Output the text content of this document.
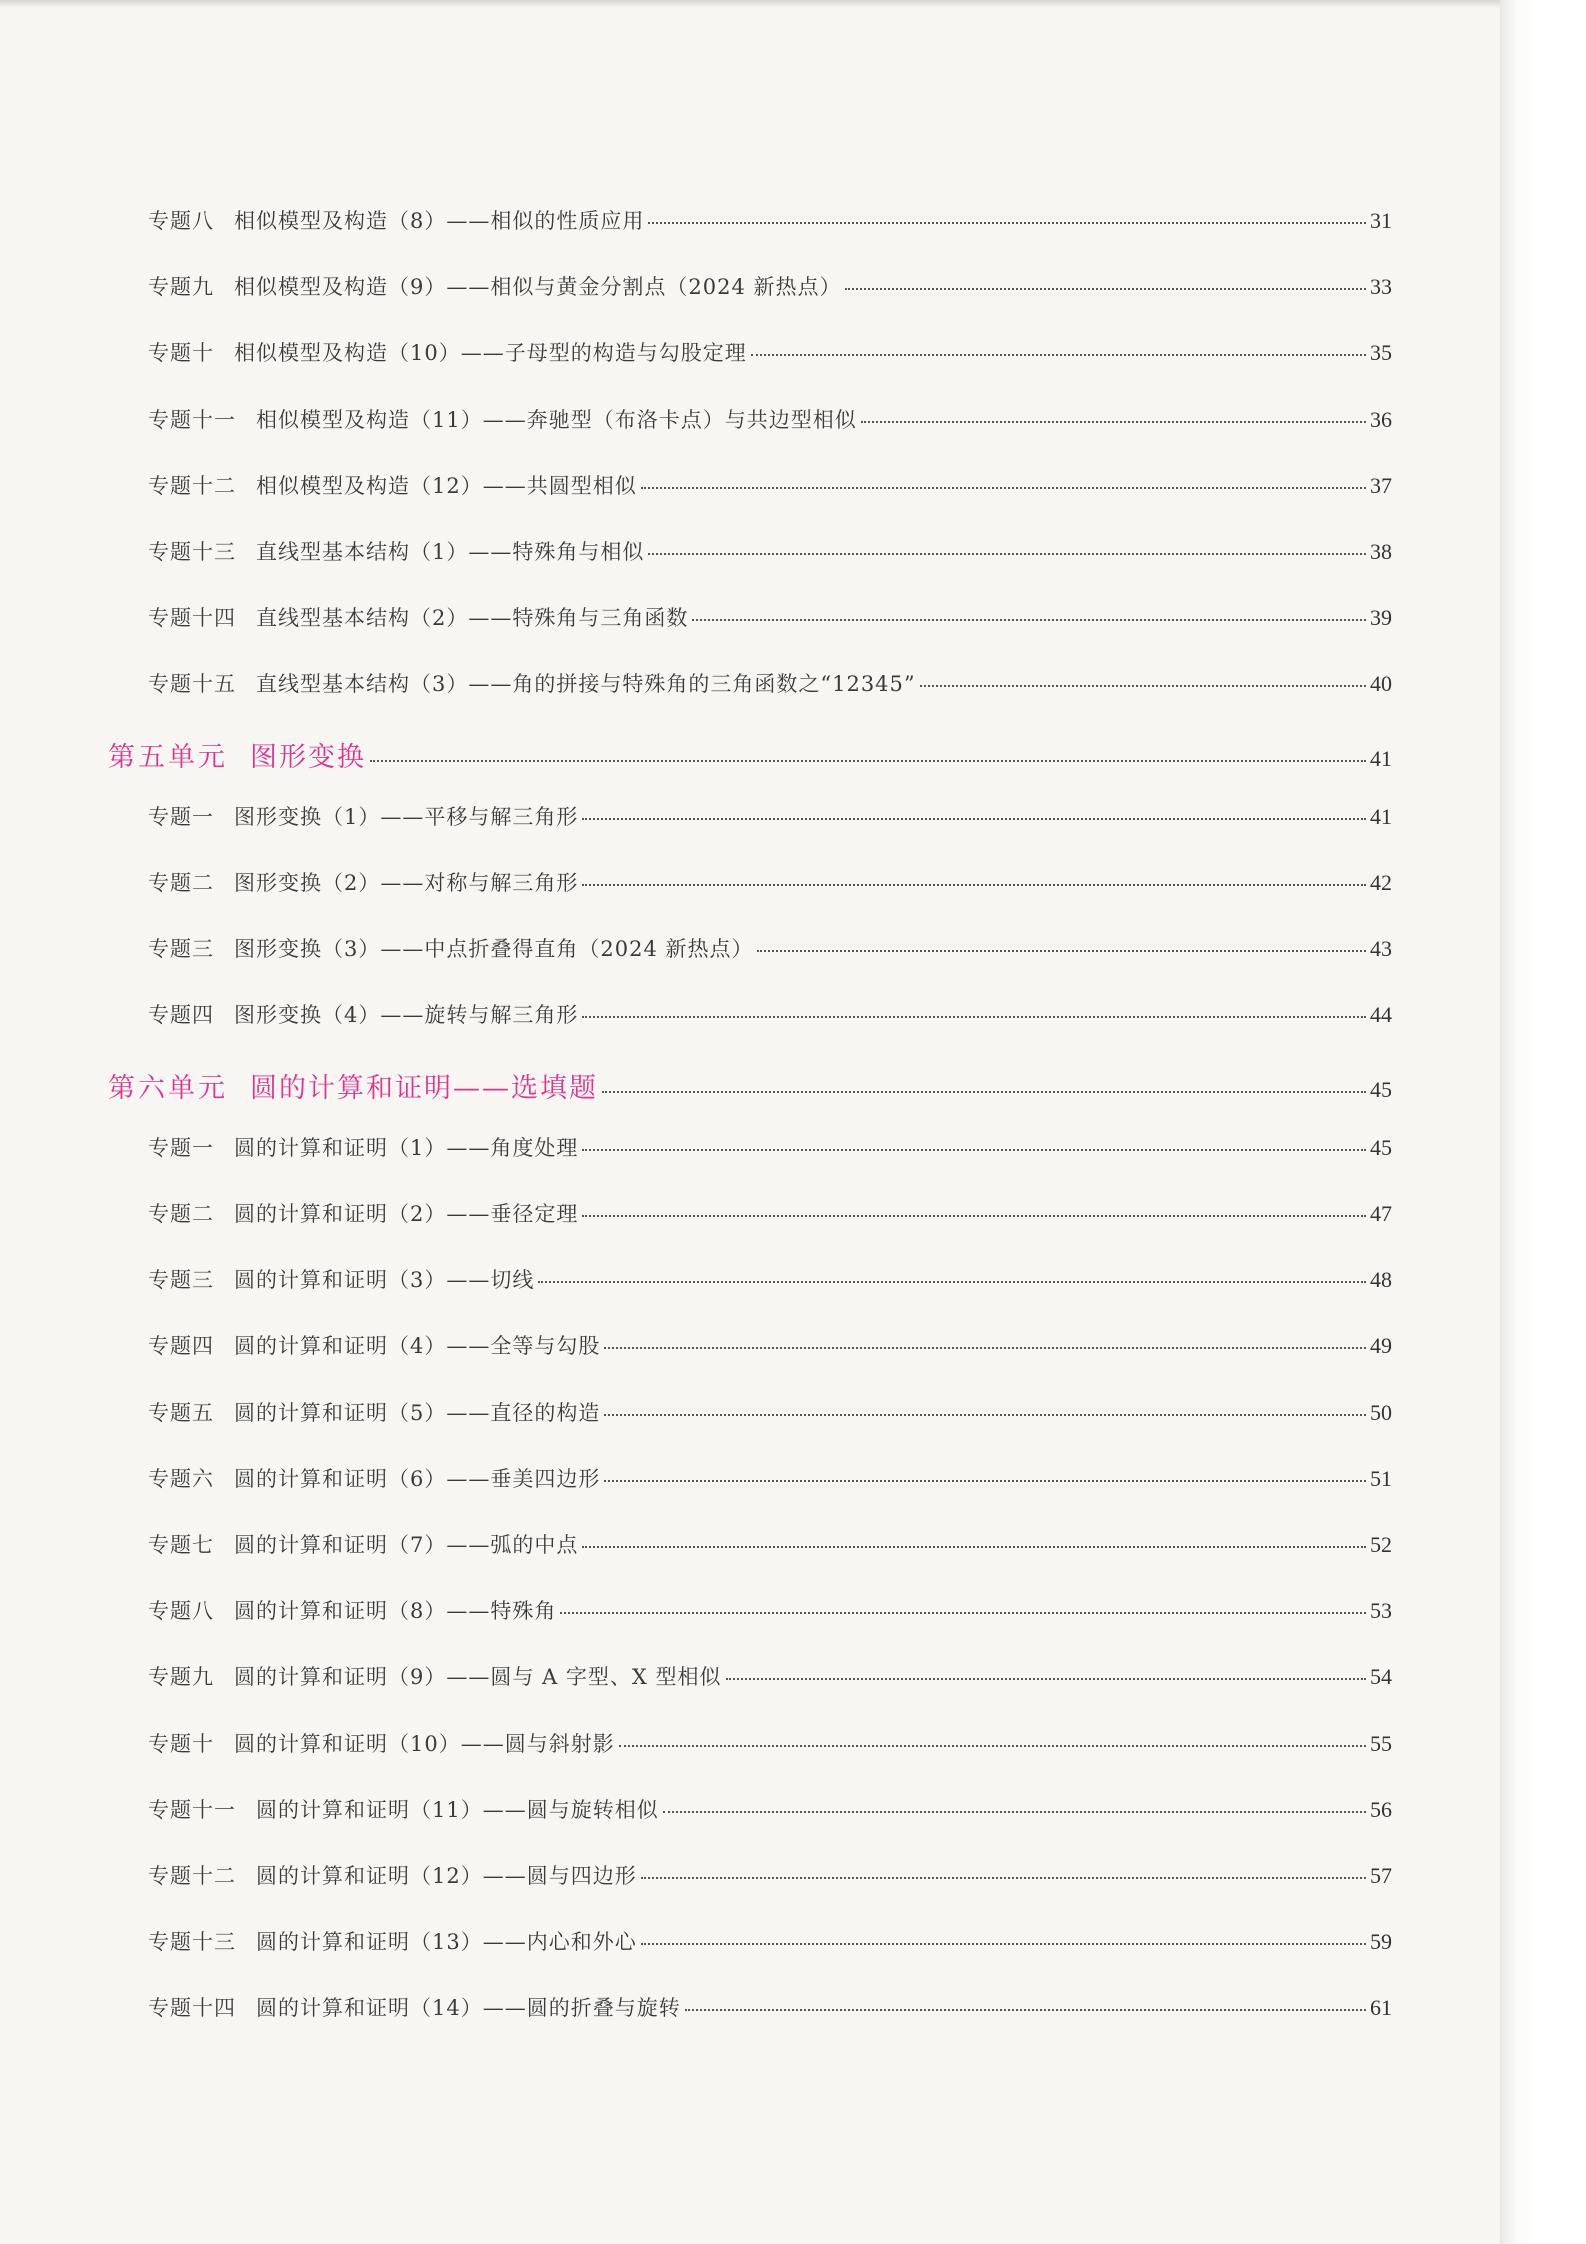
专题八 相似模型及构造（8）——相似的性质应用	31
专题九 相似模型及构造（9）——相似与黄金分割点（2024 新热点）	33
专题十 相似模型及构造（10）——子母型的构造与勾股定理	35
专题十一 相似模型及构造（11）——奔驰型（布洛卡点）与共边型相似	36
专题十二 相似模型及构造（12）——共圆型相似	37
专题十三 直线型基本结构（1）——特殊角与相似	38
专题十四 直线型基本结构（2）——特殊角与三角函数	39
专题十五 直线型基本结构（3）——角的拼接与特殊角的三角函数之“12345”	40
第五单元 图形变换	41
专题一 图形变换（1）——平移与解三角形	41
专题二 图形变换（2）——对称与解三角形	42
专题三 图形变换（3）——中点折叠得直角（2024 新热点）	43
专题四 图形变换（4）——旋转与解三角形	44
第六单元 圆的计算和证明——选填题	45
专题一 圆的计算和证明（1）——角度处理	45
专题二 圆的计算和证明（2）——垂径定理	47
专题三 圆的计算和证明（3）——切线	48
专题四 圆的计算和证明（4）——全等与勾股	49
专题五 圆的计算和证明（5）——直径的构造	50
专题六 圆的计算和证明（6）——垂美四边形	51
专题七 圆的计算和证明（7）——弧的中点	52
专题八 圆的计算和证明（8）——特殊角	53
专题九 圆的计算和证明（9）——圆与 A 字型、X 型相似	54
专题十 圆的计算和证明（10）——圆与斜射影	55
专题十一 圆的计算和证明（11）——圆与旋转相似	56
专题十二 圆的计算和证明（12）——圆与四边形	57
专题十三 圆的计算和证明（13）——内心和外心	59
专题十四 圆的计算和证明（14）——圆的折叠与旋转	61
